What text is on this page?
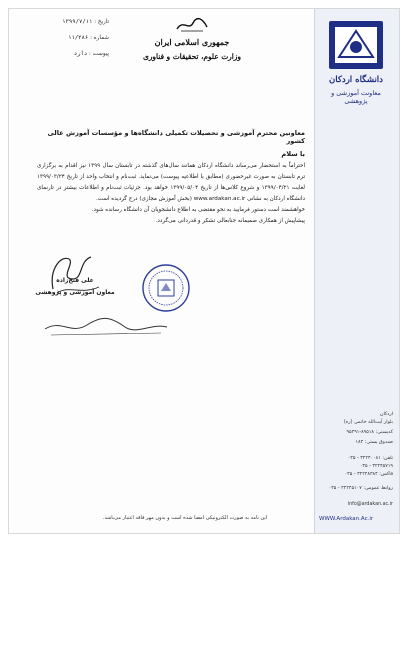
جمهوری اسلامی ایران
وزارت علوم، تحقیقات و فناوری
تاریخ : ۱۳۹۹/۷/۱۱
شماره : ۱۱/۲۸۶
پیوست : دارد
معاونین محترم آموزشی و تحصیلات تکمیلی دانشگاه‌ها و مؤسسات آموزش عالی کشور
با سلام

احتراماً به استحضار می‌رساند دانشگاه اردکان همانند سال‌های گذشته در تابستان سال ۱۳۹۹ نیز اقدام به برگزاری ترم تابستان به صورت غیرحضوری (مطابق با اطلاعیه پیوست) می‌نماید. ثبت‌نام و انتخاب واحد از تاریخ ۱۳۹۹/۰۳/۲۴ لغایت ۱۳۹۹/۰۴/۲۱ و شروع کلاس‌ها از تاریخ ۱۳۹۹/۰۵/۰۴ خواهد بود. جزئیات ثبت‌نام و اطلاعات بیشتر در تارنمای دانشگاه اردکان به نشانی www.ardakan.ac.ir (بخش آموزش مجازی) درج گردیده است.

خواهشمند است دستور فرمایید به نحو مقتضی به اطلاع دانشجویان آن دانشگاه رسانده شود.

پیشاپیش از همکاری صمیمانه جنابعالی تشکر و قدردانی می‌گردد.

علی فتح‌زاده
معاون آموزشی و پژوهشی
این نامه به صورت الکترونیکی امضا شده است و بدون مهر فاقد اعتبار می‌باشد.
دانشگاه اردکان
معاونت آموزشی و پژوهشی
اردکان
بلوار آیت‌الله خاتمی (ره)
کدپستی: ۸۹۵۱۸-۹۵۴۹۱
صندوق پستی: ۱۸۴
تلفن: ۳۲۲۴۰۰۸۱ - ۰۳۵
۳۲۲۴۵۷۱۹ - ۰۳۵
فاکس: ۳۲۲۴۸۳۸۴ - ۰۳۵
روابط عمومی: ۳۲۲۴۵۱۰۷ - ۰۳۵
info@ardakan.ac.ir
WWW.Ardakan.Ac.ir
